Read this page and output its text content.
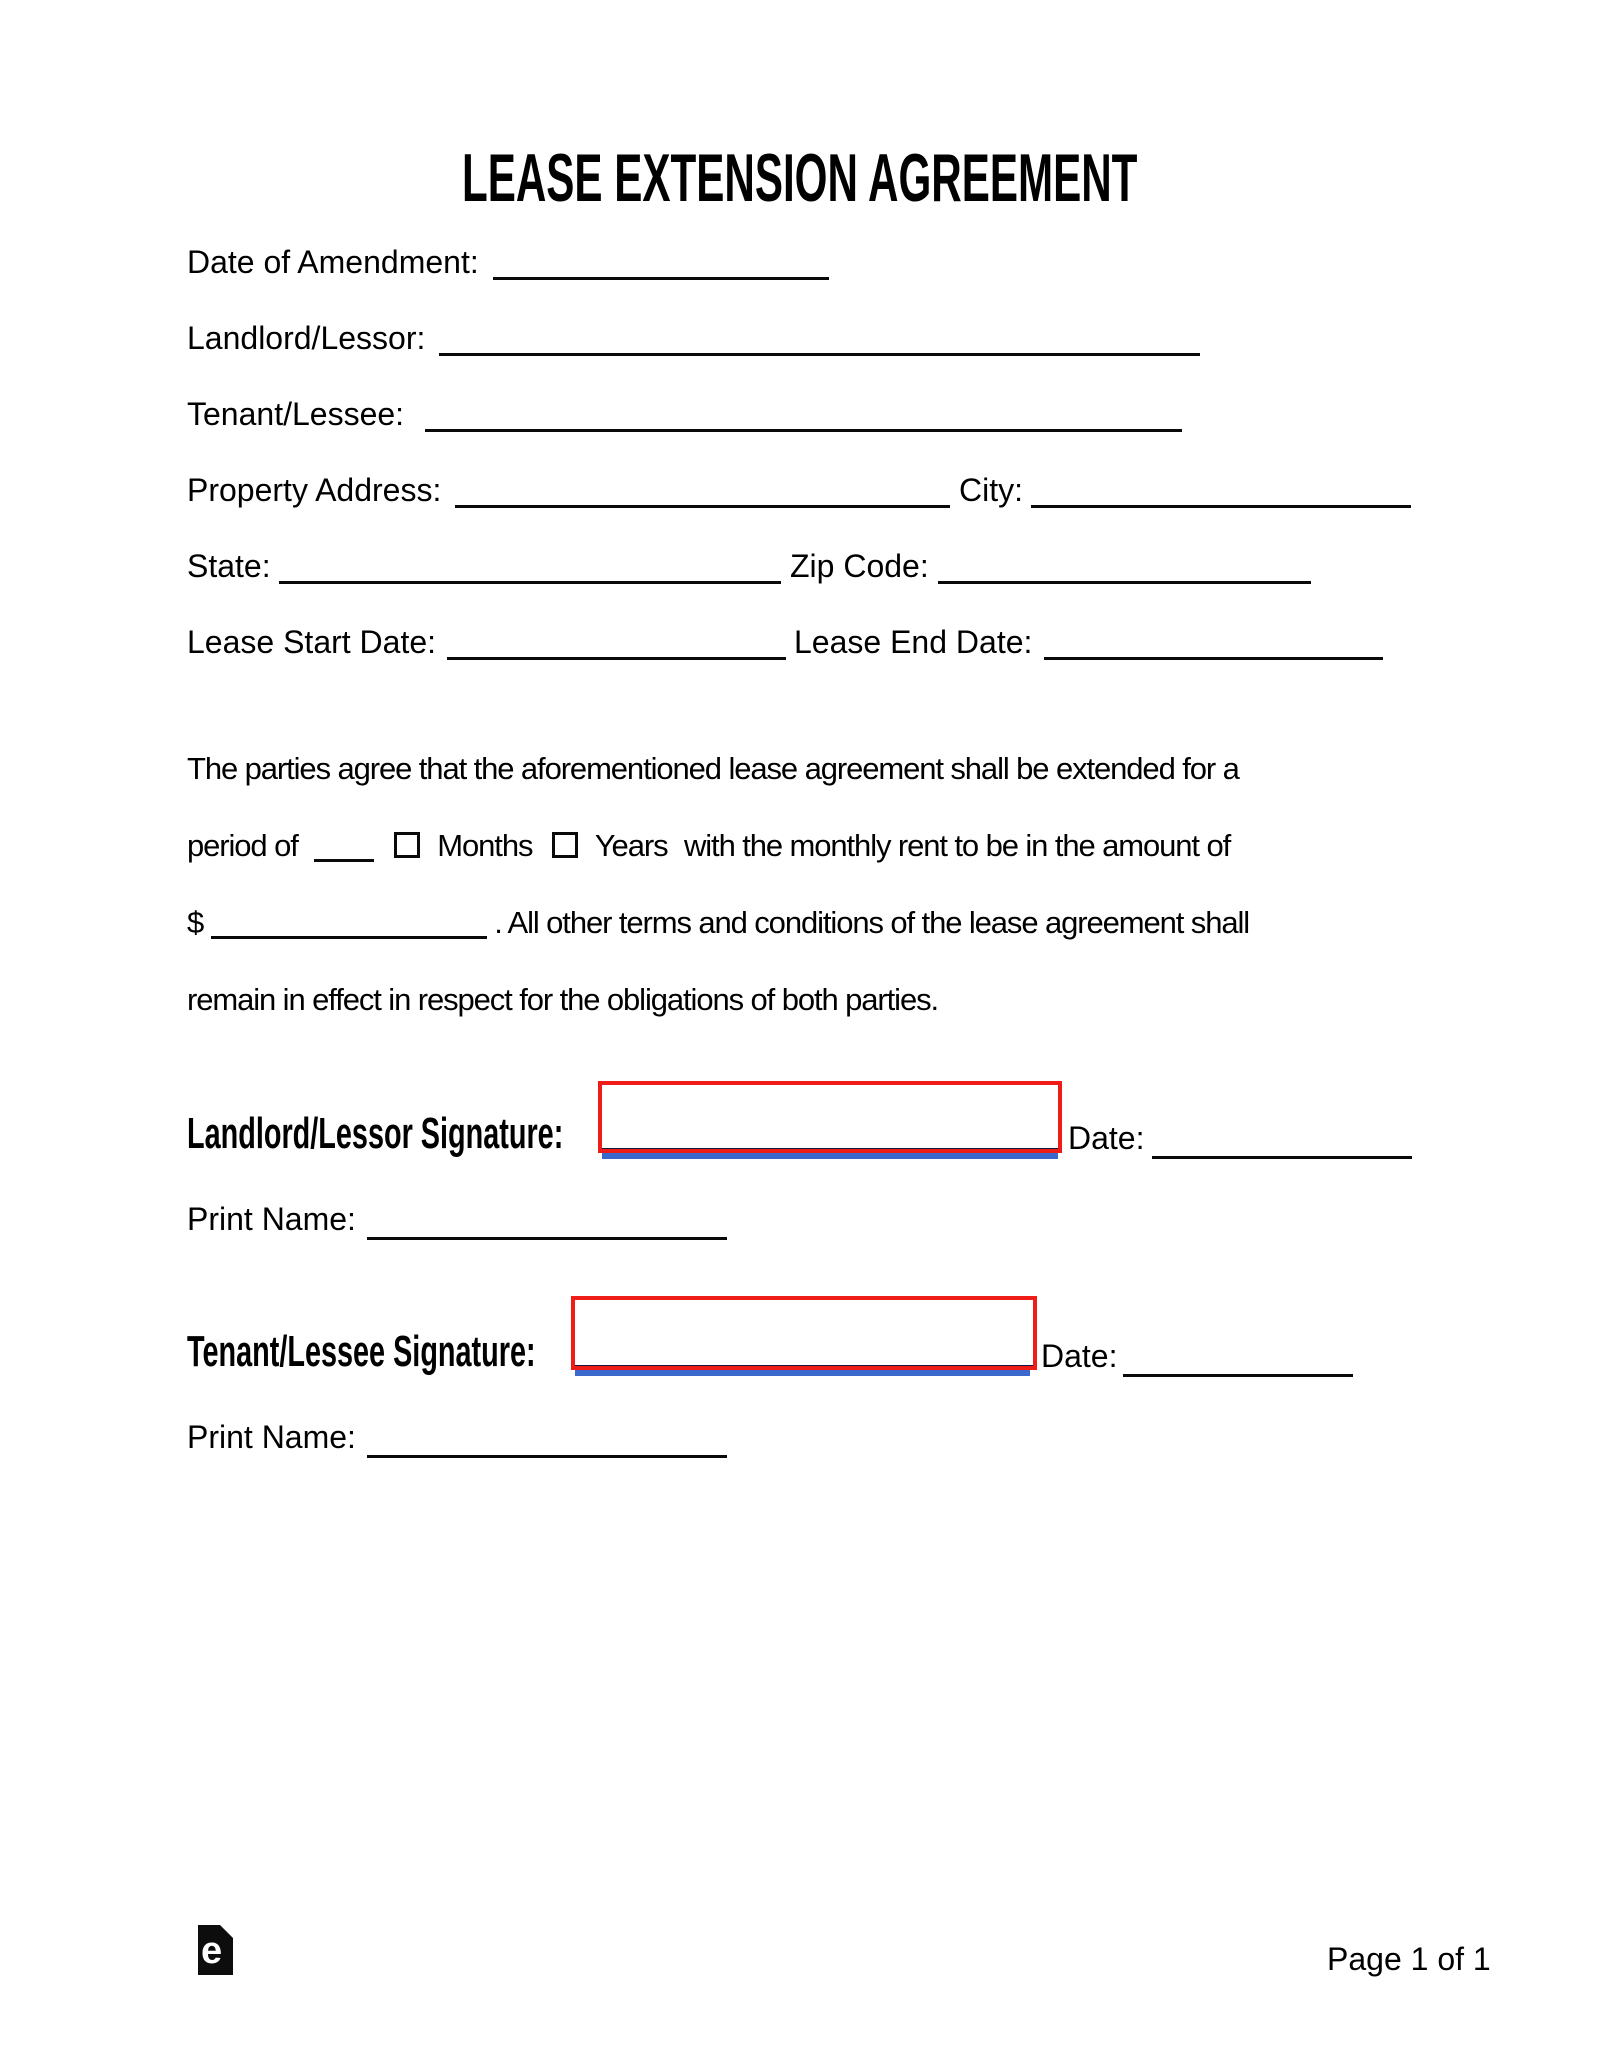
LEASE EXTENSION AGREEMENT
Date of Amendment:
Landlord/Lessor:
Tenant/Lessee:
Property Address:	City:
State:	Zip Code:
Lease Start Date:	Lease End Date:
The parties agree that the aforementioned lease agreement shall be extended for a
period of	Months Years with the monthly rent to be in the amount of
$	. All other terms and conditions of the lease agreement shall
remain in effect in respect for the obligations of both parties.
Landlord/Lessor Signature:	Date:
Print Name:
Tenant/Lessee Signature:	Date:
Print Name:
e	Page 1 of 1
